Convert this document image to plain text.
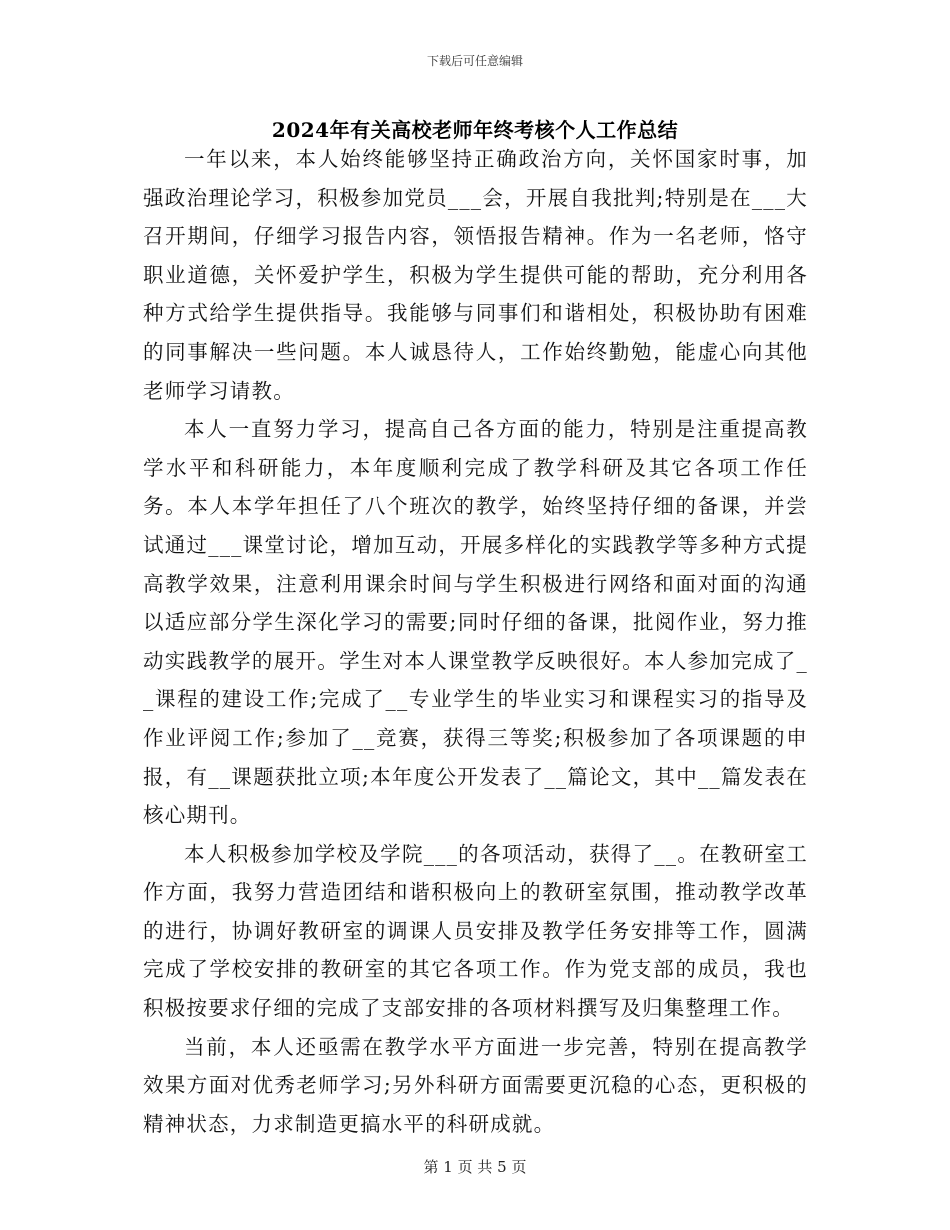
下载后可任意编辑
2024年有关高校老师年终考核个人工作总结

一年以来，本人始终能够坚持正确政治方向，关怀国家时事，加强政治理论学习，积极参加党员___会，开展自我批判;特别是在___大召开期间，仔细学习报告内容，领悟报告精神。作为一名老师，恪守职业道德，关怀爱护学生，积极为学生提供可能的帮助，充分利用各种方式给学生提供指导。我能够与同事们和谐相处，积极协助有困难的同事解决一些问题。本人诚恳待人，工作始终勤勉，能虚心向其他老师学习请教。

本人一直努力学习，提高自己各方面的能力，特别是注重提高教学水平和科研能力，本年度顺利完成了教学科研及其它各项工作任务。本人本学年担任了八个班次的教学，始终坚持仔细的备课，并尝试通过___课堂讨论，增加互动，开展多样化的实践教学等多种方式提高教学效果，注意利用课余时间与学生积极进行网络和面对面的沟通以适应部分学生深化学习的需要;同时仔细的备课，批阅作业，努力推动实践教学的展开。学生对本人课堂教学反映很好。本人参加完成了__课程的建设工作;完成了__专业学生的毕业实习和课程实习的指导及作业评阅工作;参加了__竞赛，获得三等奖;积极参加了各项课题的申报，有__课题获批立项;本年度公开发表了__篇论文，其中__篇发表在核心期刊。

本人积极参加学校及学院___的各项活动，获得了__。在教研室工作方面，我努力营造团结和谐积极向上的教研室氛围，推动教学改革的进行，协调好教研室的调课人员安排及教学任务安排等工作，圆满完成了学校安排的教研室的其它各项工作。作为党支部的成员，我也积极按要求仔细的完成了支部安排的各项材料撰写及归集整理工作。

当前，本人还亟需在教学水平方面进一步完善，特别在提高教学效果方面对优秀老师学习;另外科研方面需要更沉稳的心态，更积极的精神状态，力求制造更搞水平的科研成就。

第 1 页 共 5 页
